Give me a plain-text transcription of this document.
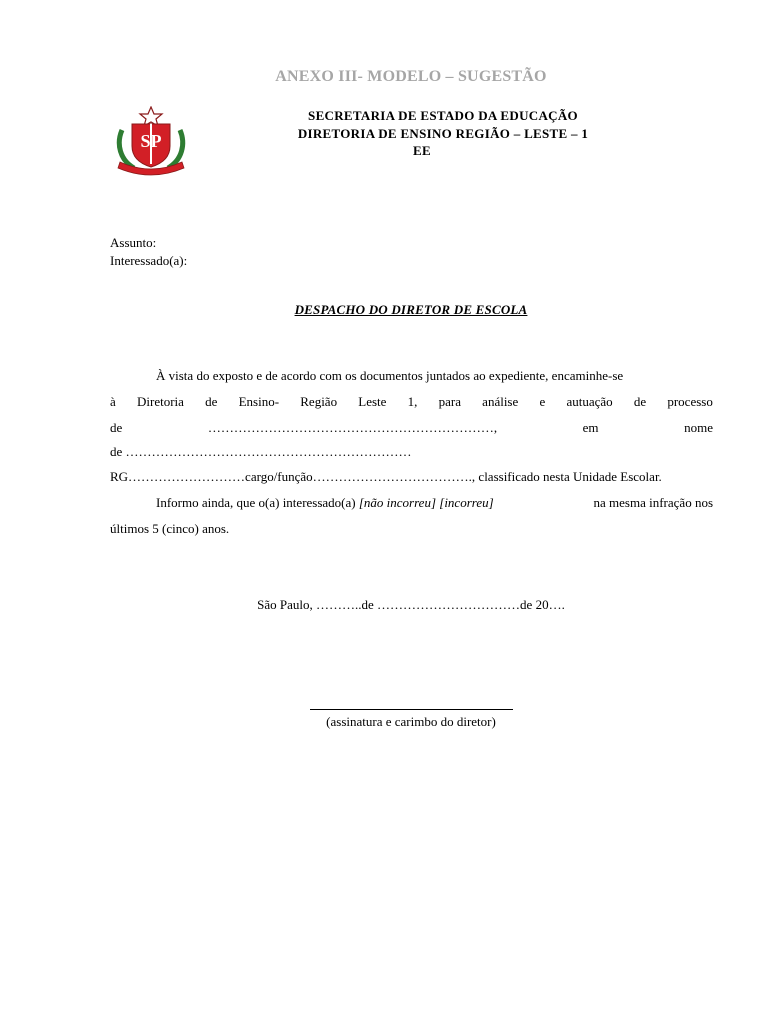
ANEXO III- MODELO – SUGESTÃO
SP
SECRETARIA DE ESTADO DA EDUCAÇÃO
DIRETORIA DE ENSINO REGIÃO – LESTE – 1
EE
Assunto:
Interessado(a):
DESPACHO DO DIRETOR DE ESCOLA
À vista do exposto e de acordo com os documentos juntados ao expediente, encaminhe-se
à Diretoria de Ensino- Região Leste 1, para análise e autuação de processo
de	…………………………………………………………,	em	nome
de …………………………………………………………
RG………………………cargo/função………………………………., classificado nesta Unidade Escolar.
Informo ainda, que o(a) interessado(a) [não incorreu] [incorreu]	na mesma infração nos
últimos 5 (cinco) anos.
São Paulo, ………..de ……………………………de 20….
(assinatura e carimbo do diretor)
